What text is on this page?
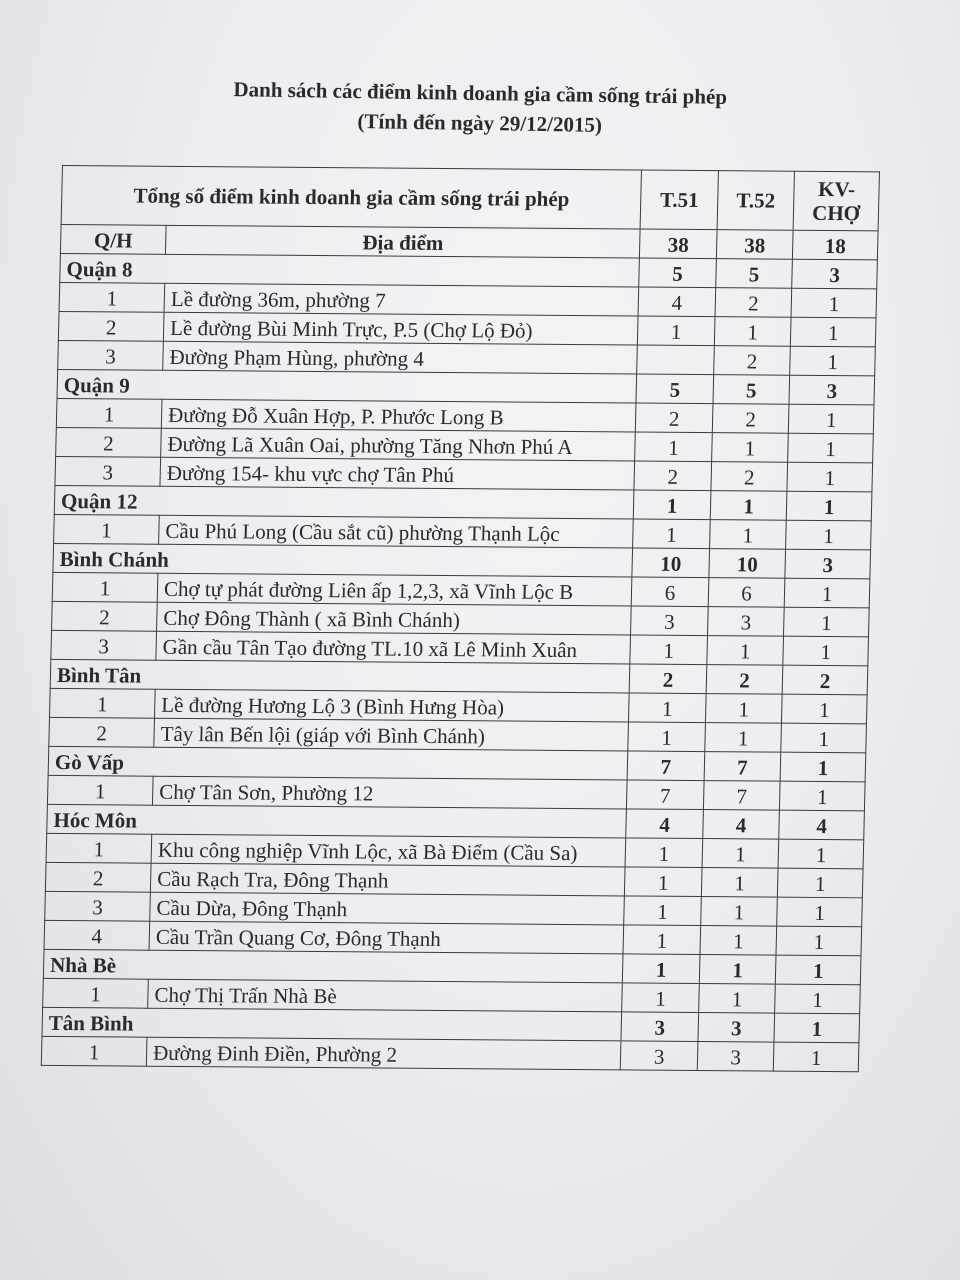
Danh sách các điểm kinh doanh gia cầm sống trái phép
(Tính đến ngày 29/12/2015)
Tổng số điểm kinh doanh gia cầm sống trái phép		T.51	T.52	KV-
CHỢ
Q/H	Địa điểm	38	38	18
Quận 8		5	5	3
1	Lề đường 36m, phường 7	4	2	1
2	Lề đường Bùi Minh Trực, P.5 (Chợ Lộ Đỏ)	1	1	1
3	Đường Phạm Hùng, phường 4		2	1
Quận 9		5	5	3
1	Đường Đỗ Xuân Hợp, P. Phước Long B	2	2	1
2	Đường Lã Xuân Oai, phường Tăng Nhơn Phú A	1	1	1
3	Đường 154- khu vực chợ Tân Phú	2	2	1
Quận 12		1	1	1
1	Cầu Phú Long (Cầu sắt cũ) phường Thạnh Lộc	1	1	1
Bình Chánh		10	10	3
1	Chợ tự phát đường Liên ấp 1,2,3, xã Vĩnh Lộc B	6	6	1
2	Chợ Đông Thành ( xã Bình Chánh)	3	3	1
3	Gần cầu Tân Tạo đường TL.10 xã Lê Minh Xuân	1	1	1
Bình Tân		2	2	2
1	Lề đường Hương Lộ 3 (Bình Hưng Hòa)	1	1	1
2	Tây lân Bến lội (giáp với Bình Chánh)	1	1	1
Gò Vấp		7	7	1
1	Chợ Tân Sơn, Phường 12	7	7	1
Hóc Môn		4	4	4
1	Khu công nghiệp Vĩnh Lộc, xã Bà Điểm (Cầu Sa)	1	1	1
2	Cầu Rạch Tra, Đông Thạnh	1	1	1
3	Cầu Dừa, Đông Thạnh	1	1	1
4	Cầu Trần Quang Cơ, Đông Thạnh	1	1	1
Nhà Bè		1	1	1
1	Chợ Thị Trấn Nhà Bè	1	1	1
Tân Bình		3	3	1
1	Đường Đinh Điền, Phường 2	3	3	1
